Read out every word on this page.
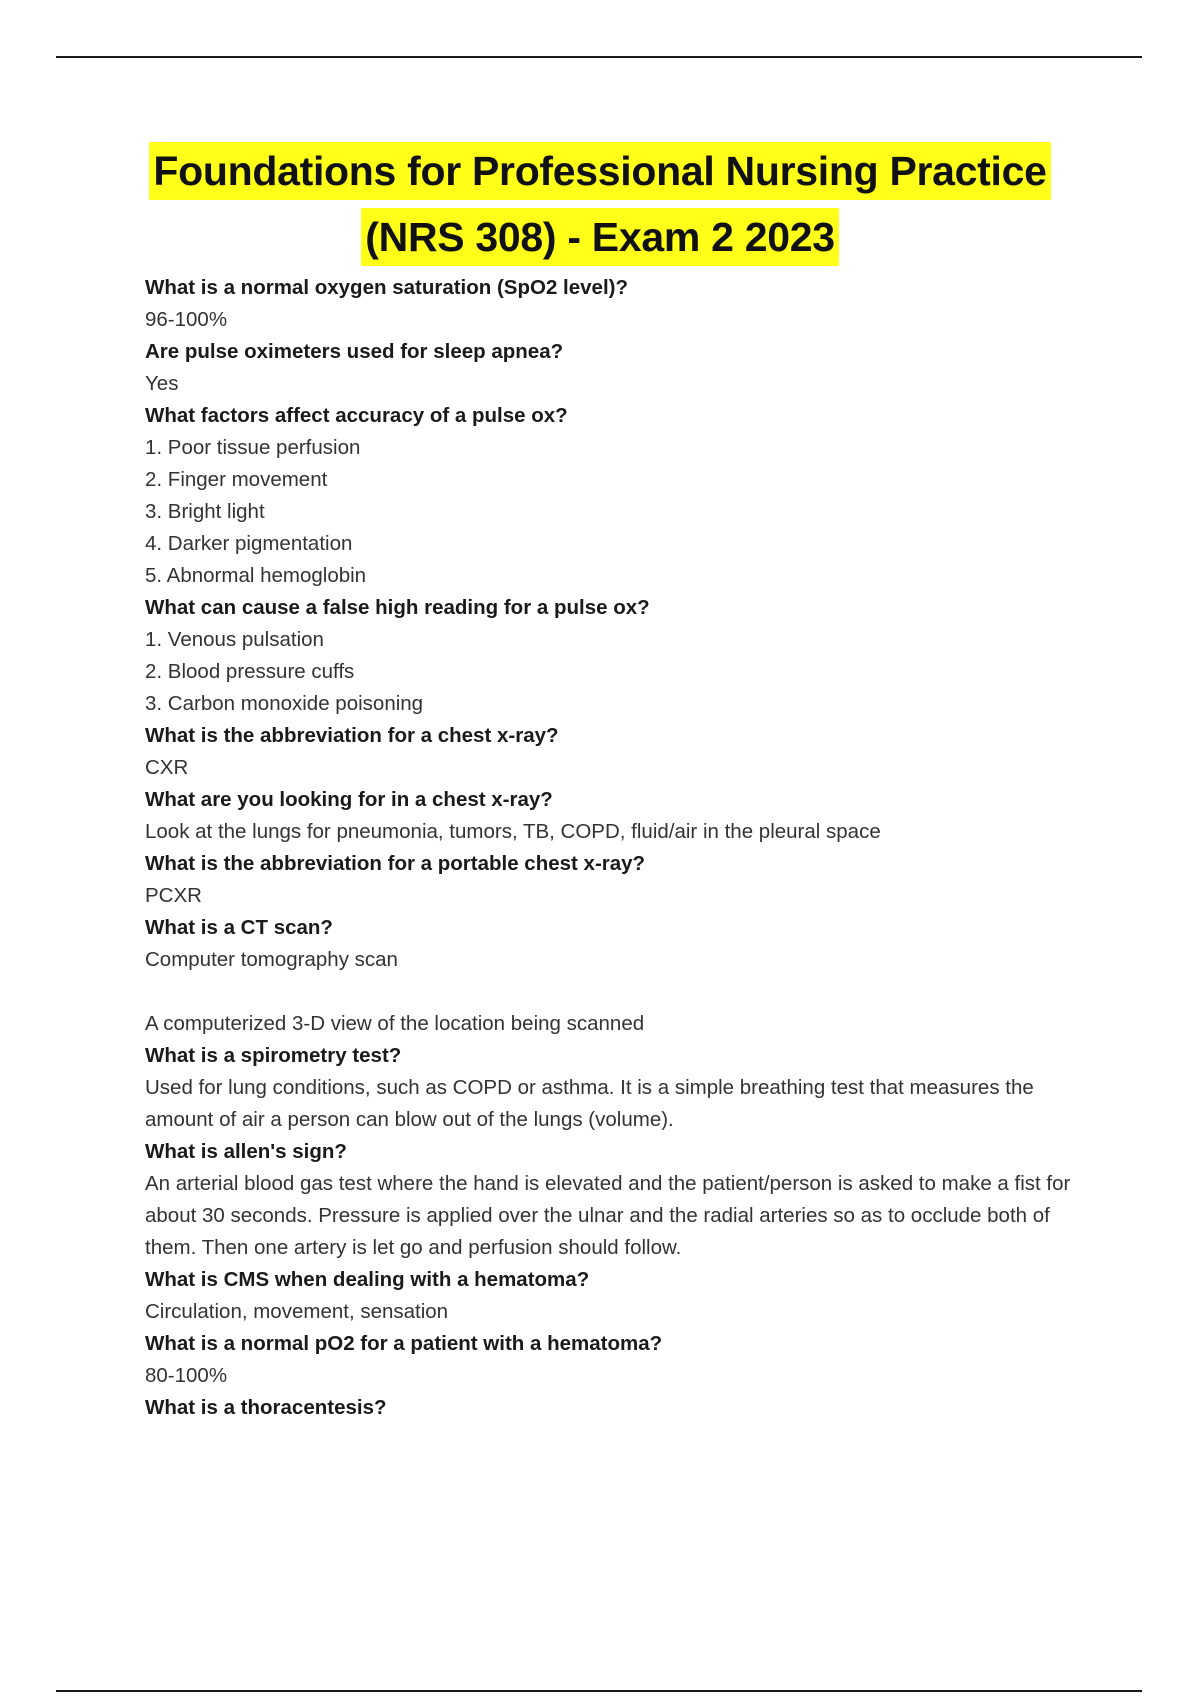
Foundations for Professional Nursing Practice
(NRS 308) - Exam 2 2023
What is a normal oxygen saturation (SpO2 level)?
96-100%
Are pulse oximeters used for sleep apnea?
Yes
What factors affect accuracy of a pulse ox?
1. Poor tissue perfusion
2. Finger movement
3. Bright light
4. Darker pigmentation
5. Abnormal hemoglobin
What can cause a false high reading for a pulse ox?
1. Venous pulsation
2. Blood pressure cuffs
3. Carbon monoxide poisoning
What is the abbreviation for a chest x-ray?
CXR
What are you looking for in a chest x-ray?
Look at the lungs for pneumonia, tumors, TB, COPD, fluid/air in the pleural space
What is the abbreviation for a portable chest x-ray?
PCXR
What is a CT scan?
Computer tomography scan
A computerized 3-D view of the location being scanned
What is a spirometry test?
Used for lung conditions, such as COPD or asthma. It is a simple breathing test that measures the amount of air a person can blow out of the lungs (volume).
What is allen's sign?
An arterial blood gas test where the hand is elevated and the patient/person is asked to make a fist for about 30 seconds. Pressure is applied over the ulnar and the radial arteries so as to occlude both of them. Then one artery is let go and perfusion should follow.
What is CMS when dealing with a hematoma?
Circulation, movement, sensation
What is a normal pO2 for a patient with a hematoma?
80-100%
What is a thoracentesis?
